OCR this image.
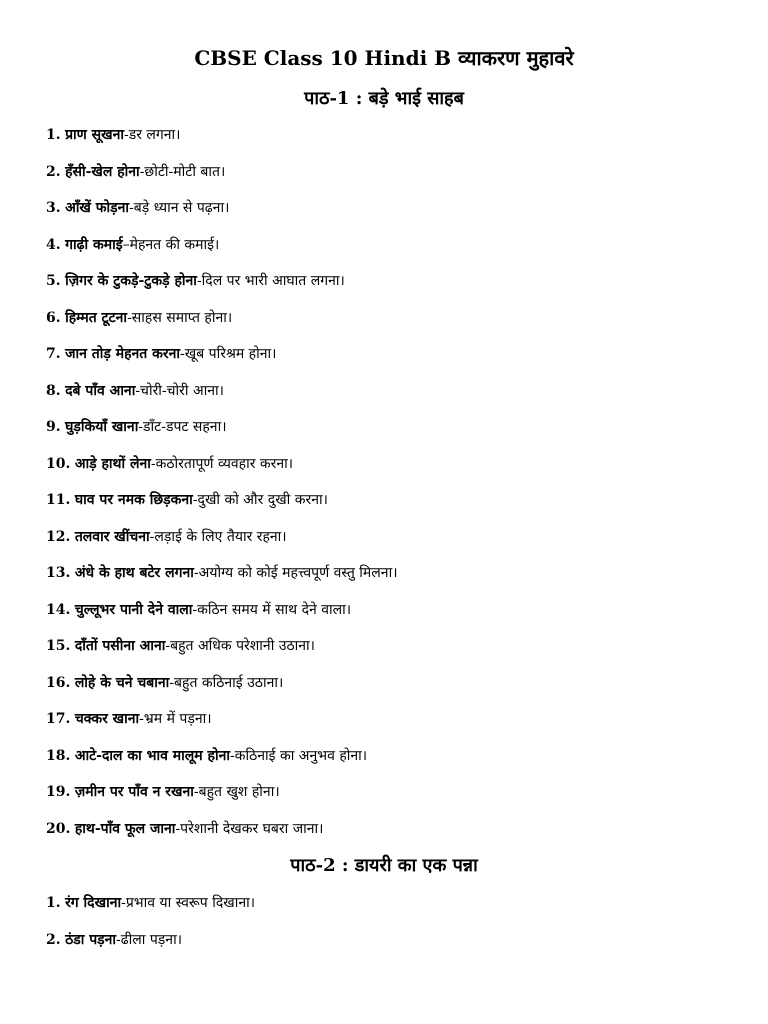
CBSE Class 10 Hindi B व्याकरण मुहावरे
पाठ-1 : बड़े भाई साहब
1. प्राण सूखना-डर लगना।
2. हँसी-खेल होना-छोटी-मोटी बात।
3. आँखें फोड़ना-बड़े ध्यान से पढ़ना।
4. गाढ़ी कमाई–मेहनत की कमाई।
5. ज़िगर के टुकड़े-टुकड़े होना-दिल पर भारी आघात लगना।
6. हिम्मत टूटना-साहस समाप्त होना।
7. जान तोड़ मेहनत करना-खूब परिश्रम होना।
8. दबे पाँव आना-चोरी-चोरी आना।
9. घुड़कियाँ खाना-डाँट-डपट सहना।
10. आड़े हाथों लेना-कठोरतापूर्ण व्यवहार करना।
11. घाव पर नमक छिड़कना-दुखी को और दुखी करना।
12. तलवार खींचना-लड़ाई के लिए तैयार रहना।
13. अंधे के हाथ बटेर लगना-अयोग्य को कोई महत्त्वपूर्ण वस्तु मिलना।
14. चुल्लूभर पानी देने वाला-कठिन समय में साथ देने वाला।
15. दाँतों पसीना आना-बहुत अधिक परेशानी उठाना।
16. लोहे के चने चबाना-बहुत कठिनाई उठाना।
17. चक्कर खाना-भ्रम में पड़ना।
18. आटे-दाल का भाव मालूम होना-कठिनाई का अनुभव होना।
19. ज़मीन पर पाँव न रखना-बहुत खुश होना।
20. हाथ-पाँव फूल जाना-परेशानी देखकर घबरा जाना।
पाठ-2 : डायरी का एक पन्ना
1. रंग दिखाना-प्रभाव या स्वरूप दिखाना।
2. ठंडा पड़ना-ढीला पड़ना।
